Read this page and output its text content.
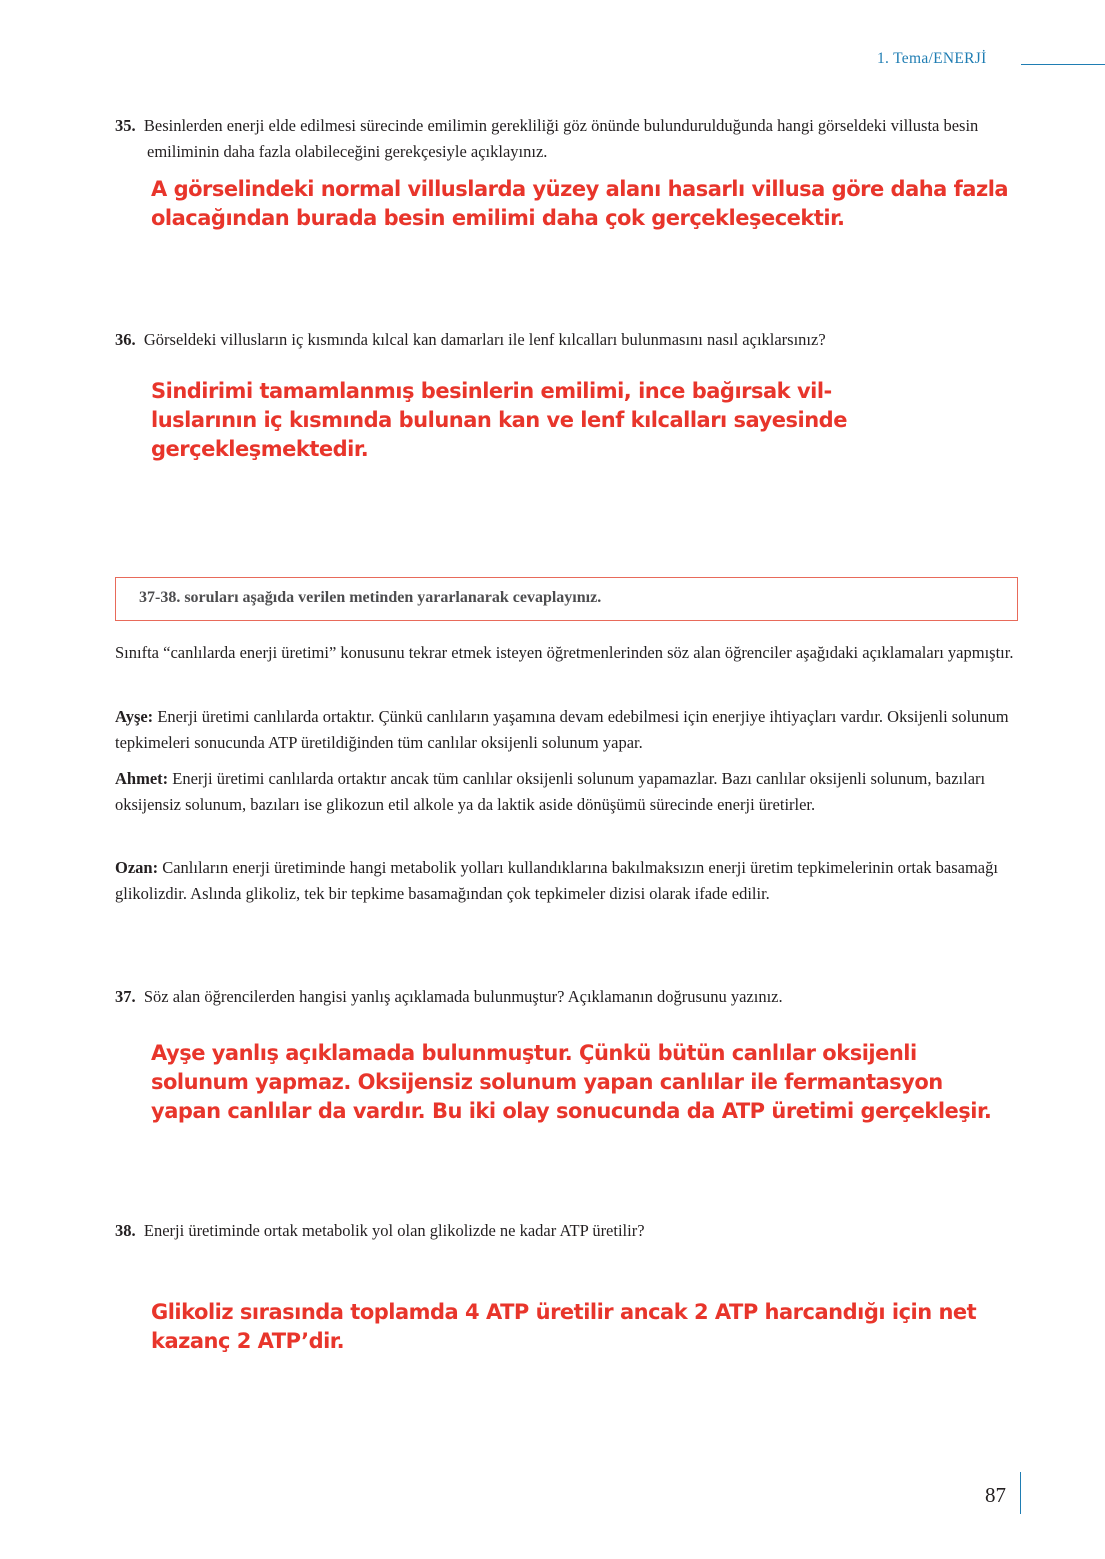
1. Tema/ENERJİ
35. Besinlerden enerji elde edilmesi sürecinde emilimin gerekliliği göz önünde bulundurulduğunda hangi görseldeki villusta besin emiliminin daha fazla olabileceğini gerekçesiyle açıklayınız.
A görselindeki normal villuslarda yüzey alanı hasarlı villusa göre daha fazla olacağından burada besin emilimi daha çok gerçekleşecektir.
36. Görseldeki villusların iç kısmında kılcal kan damarları ile lenf kılcalları bulunmasını nasıl açıklarsınız?
Sindirimi tamamlanmış besinlerin emilimi, ince bağırsak vil- luslarının iç kısmında bulunan kan ve lenf kılcalları sayesinde gerçekleşmektedir.
37-38. soruları aşağıda verilen metinden yararlanarak cevaplayınız.
Sınıfta “canlılarda enerji üretimi” konusunu tekrar etmek isteyen öğretmenlerinden söz alan öğrenciler aşağıdaki açıklamaları yapmıştır.
Ayşe: Enerji üretimi canlılarda ortaktır. Çünkü canlıların yaşamına devam edebilmesi için enerjiye ihtiyaçları vardır. Oksijenli solunum tepkimeleri sonucunda ATP üretildiğinden tüm canlılar oksijenli solunum yapar.
Ahmet: Enerji üretimi canlılarda ortaktır ancak tüm canlılar oksijenli solunum yapamazlar. Bazı canlılar oksijenli solunum, bazıları oksijensiz solunum, bazıları ise glikozun etil alkole ya da laktik aside dönüşümü sürecinde enerji üretirler.
Ozan: Canlıların enerji üretiminde hangi metabolik yolları kullandıklarına bakılmaksızın enerji üretim tepkimelerinin ortak basamağı glikolizdir. Aslında glikoliz, tek bir tepkime basamağından çok tepkimeler dizisi olarak ifade edilir.
37. Söz alan öğrencilerden hangisi yanlış açıklamada bulunmuştur? Açıklamanın doğrusunu yazınız.
Ayşe yanlış açıklamada bulunmuştur. Çünkü bütün canlılar oksijenli solunum yapmaz. Oksijensiz solunum yapan canlılar ile fermantasyon yapan canlılar da vardır. Bu iki olay sonucunda da ATP üretimi gerçekleşir.
38. Enerji üretiminde ortak metabolik yol olan glikolizde ne kadar ATP üretilir?
Glikoliz sırasında toplamda 4 ATP üretilir ancak 2 ATP harcandığı için net kazanç 2 ATP’dir.
87
